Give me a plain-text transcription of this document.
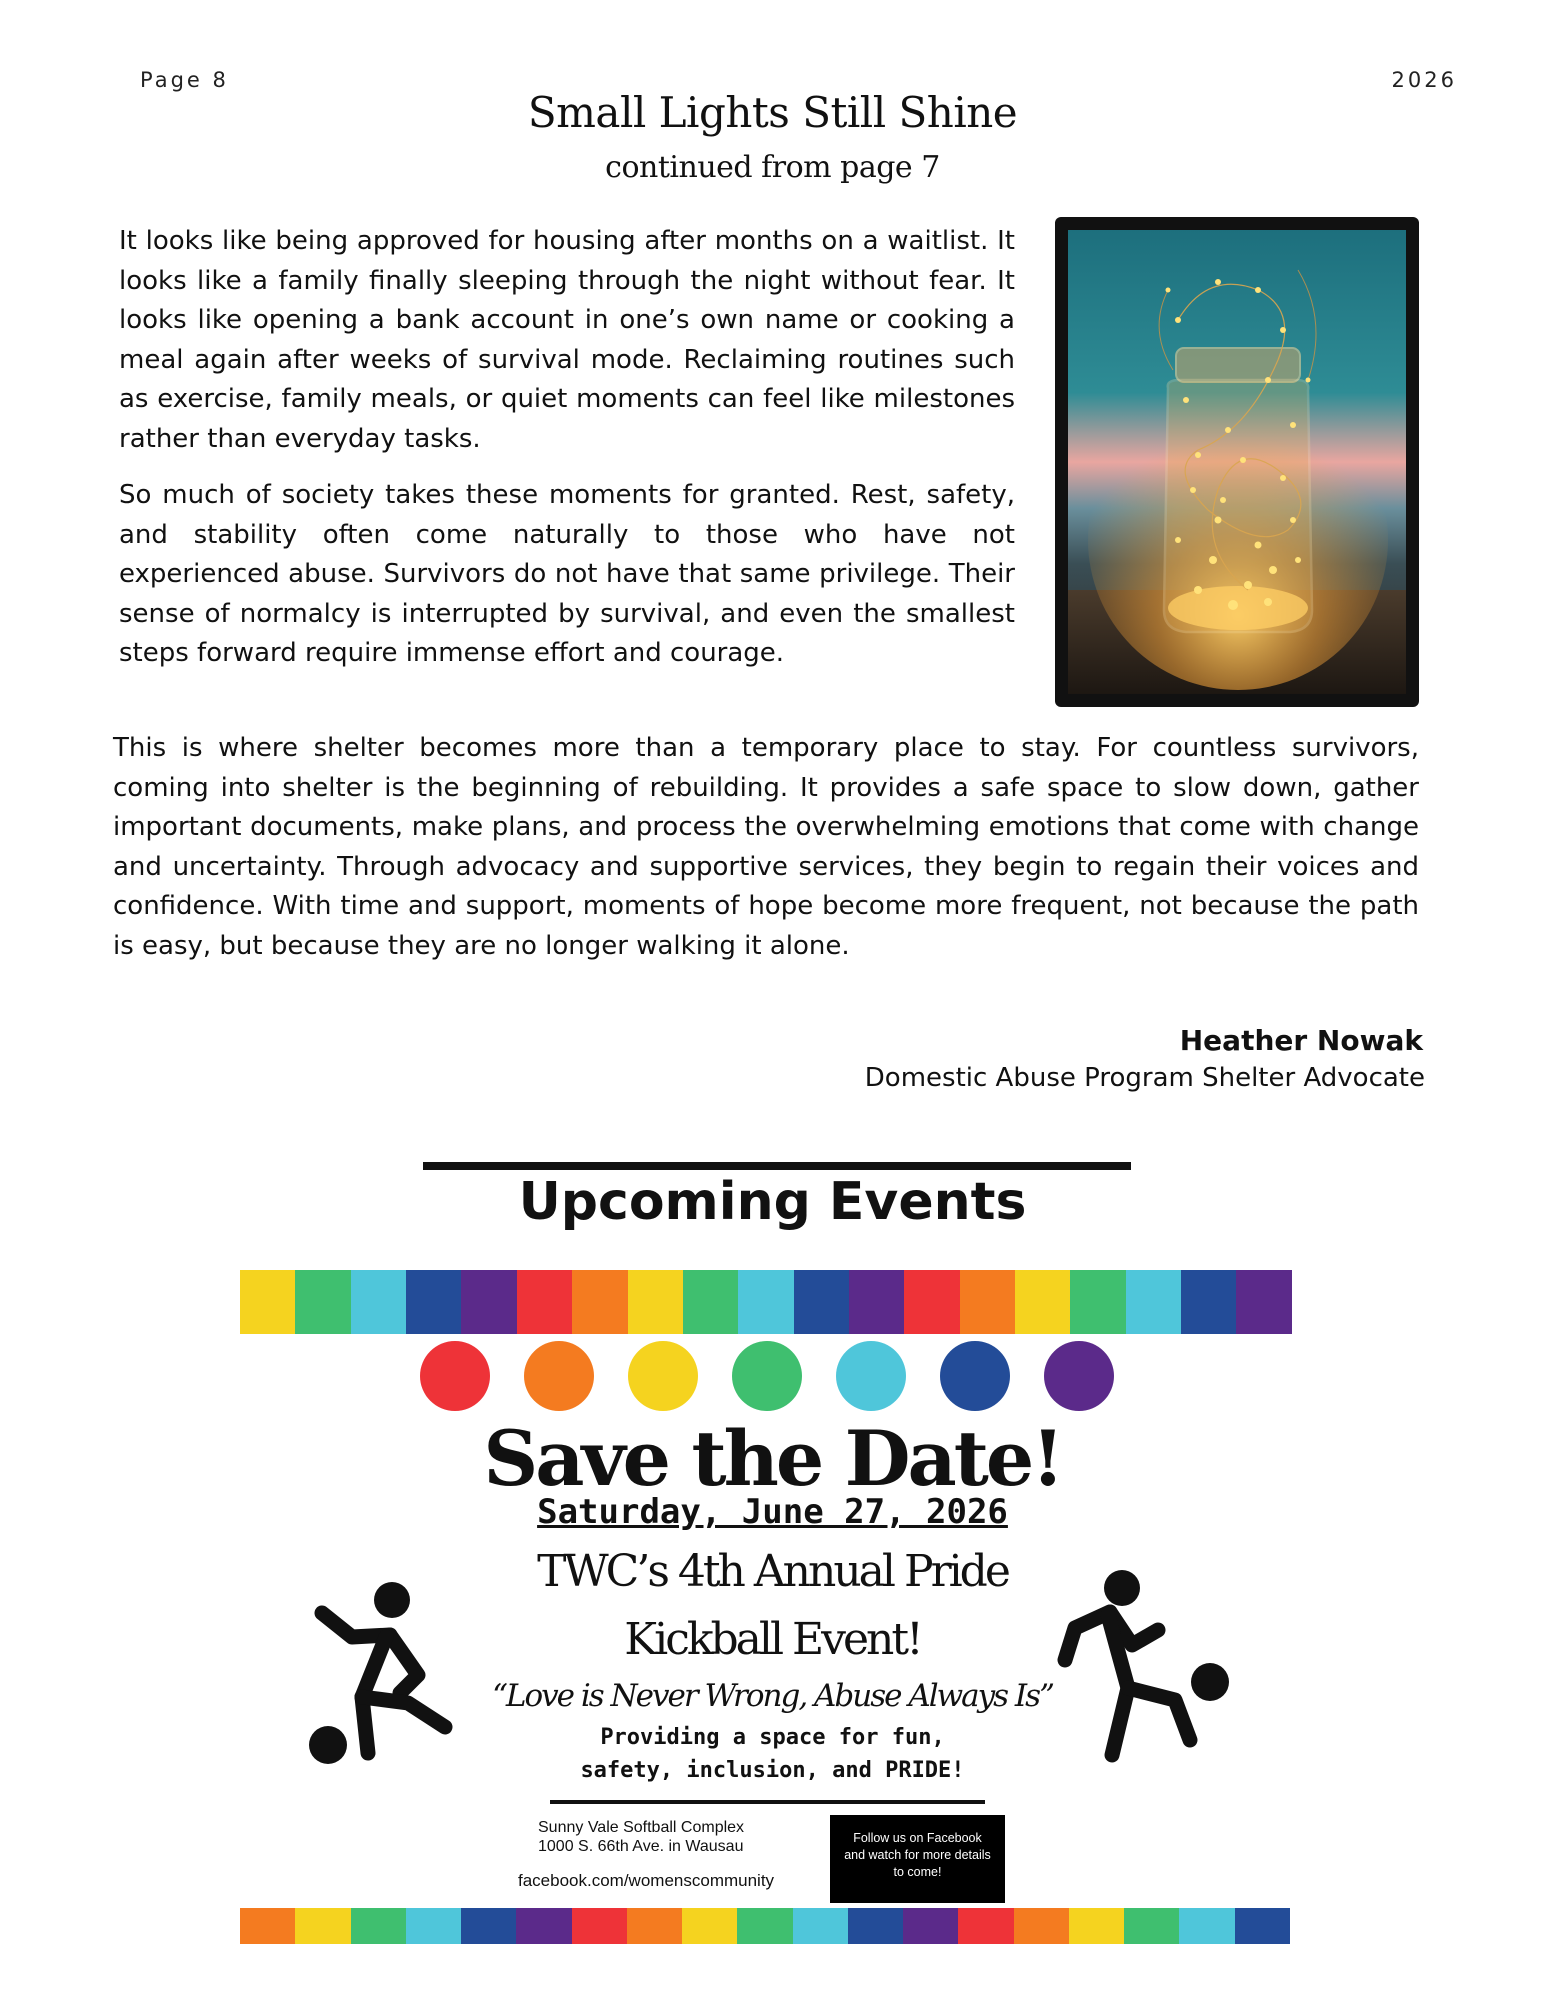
Page 8	2026
Small Lights Still Shine
continued from page 7

It looks like being approved for housing after months on a waitlist. It looks like a family finally sleeping through the night without fear. It looks like opening a bank account in one’s own name or cooking a meal again after weeks of survival mode. Reclaiming routines such as exercise, family meals, or quiet moments can feel like milestones rather than everyday tasks.

So much of society takes these moments for granted. Rest, safety, and stability often come naturally to those who have not experienced abuse. Survivors do not have that same privilege. Their sense of normalcy is interrupted by survival, and even the smallest steps forward require immense effort and courage.

This is where shelter becomes more than a temporary place to stay. For countless survivors, coming into shelter is the beginning of rebuilding. It provides a safe space to slow down, gather important documents, make plans, and process the overwhelming emotions that come with change and uncertainty. Through advocacy and supportive services, they begin to regain their voices and confidence. With time and support, moments of hope become more frequent, not because the path is easy, but because they are no longer walking it alone.

Heather Nowak
Domestic Abuse Program Shelter Advocate
Upcoming Events
Save the Date!
Saturday, June 27, 2026
TWC’s 4th Annual Pride
Kickball Event!
“Love is Never Wrong, Abuse Always Is”
Providing a space for fun,
safety, inclusion, and PRIDE!
Sunny Vale Softball Complex
1000 S. 66th Ave. in Wausau
facebook.com/womenscommunity
Follow us on Facebook
and watch for more details
to come!
